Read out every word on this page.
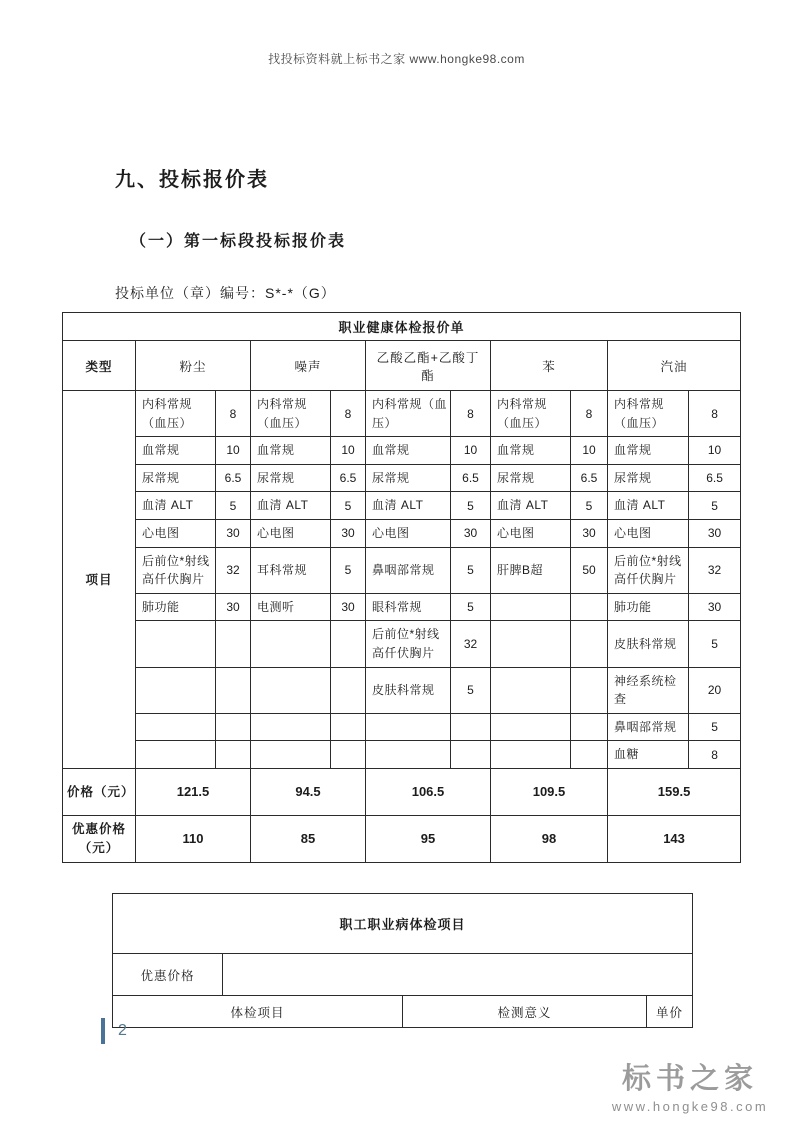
找投标资料就上标书之家 www.hongke98.com
九、投标报价表
（一）第一标段投标报价表
投标单位（章）编号：S*-*（G）
职业健康体检报价单										
类型	粉尘		噪声		乙酸乙酯+乙酸丁酯		苯		汽油	
项目	内科常规（血压）	8	内科常规（血压）	8	内科常规（血压）	8	内科常规（血压）	8	内科常规（血压）	8
	血常规	10	血常规	10	血常规	10	血常规	10	血常规	10
	尿常规	6.5	尿常规	6.5	尿常规	6.5	尿常规	6.5	尿常规	6.5
	血清 ALT	5	血清 ALT	5	血清 ALT	5	血清 ALT	5	血清 ALT	5
	心电图	30	心电图	30	心电图	30	心电图	30	心电图	30
	后前位*射线高仟伏胸片	32	耳科常规	5	鼻咽部常规	5	肝脾B超	50	后前位*射线高仟伏胸片	32
	肺功能	30	电测听	30	眼科常规	5			肺功能	30
					后前位*射线高仟伏胸片	32			皮肤科常规	5
					皮肤科常规	5			神经系统检查	20
									鼻咽部常规	5
									血糖	8
价格（元）	121.5		94.5		106.5		109.5		159.5	
优惠价格（元）	110		85		95		98		143	
职工职业病体检项目			
优惠价格			
体检项目		检测意义	单价
2
标书之家
www.hongke98.com
